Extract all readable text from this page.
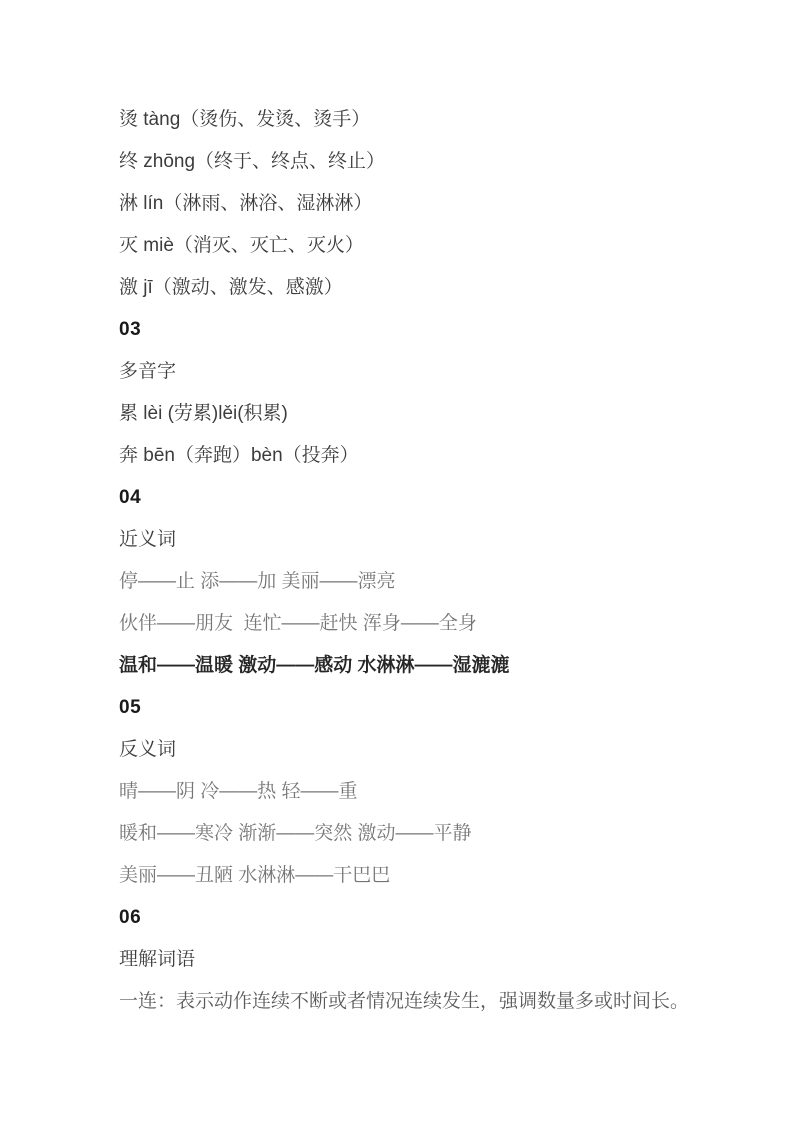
烫 tàng（烫伤、发烫、烫手）

终 zhōng（终于、终点、终止）

淋 lín（淋雨、淋浴、湿淋淋）

灭 miè（消灭、灭亡、灭火）

激 jī（激动、激发、感激）

03

多音字

累 lèi (劳累)lěi(积累)

奔 bēn（奔跑）bèn（投奔）

04

近义词

停——止 添——加 美丽——漂亮

伙伴——朋友  连忙——赶快 浑身——全身

温和——温暖 激动——感动 水淋淋——湿漉漉

05

反义词

晴——阴 冷——热 轻——重

暖和——寒冷 渐渐——突然 激动——平静

美丽——丑陋 水淋淋——干巴巴

06

理解词语

一连：表示动作连续不断或者情况连续发生，强调数量多或时间长。
